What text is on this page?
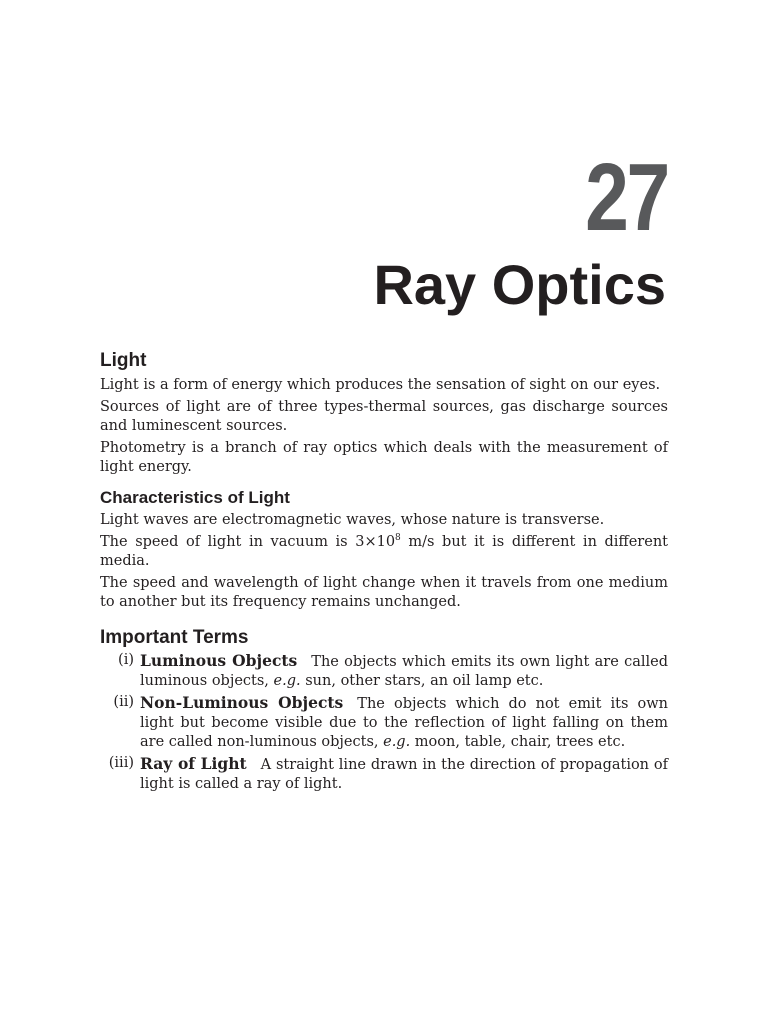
27
Ray Optics
Light

Light is a form of energy which produces the sensation of sight on our eyes.

Sources of light are of three types-thermal sources, gas discharge sources and luminescent sources.

Photometry is a branch of ray optics which deals with the measurement of light energy.

Characteristics of Light

Light waves are electromagnetic waves, whose nature is transverse.

The speed of light in vacuum is $3\times 10^8$ m/s but it is different in different media.

The speed and wavelength of light change when it travels from one medium to another but its frequency remains unchanged.

Important Terms
(i) Luminous Objects The objects which emits its own light are called luminous objects, e.g. sun, other stars, an oil lamp etc.
(ii) Non-Luminous Objects The objects which do not emit its own light but become visible due to the reflection of light falling on them are called non-luminous objects, e.g. moon, table, chair, trees etc.
(iii) Ray of Light A straight line drawn in the direction of propagation of light is called a ray of light.
